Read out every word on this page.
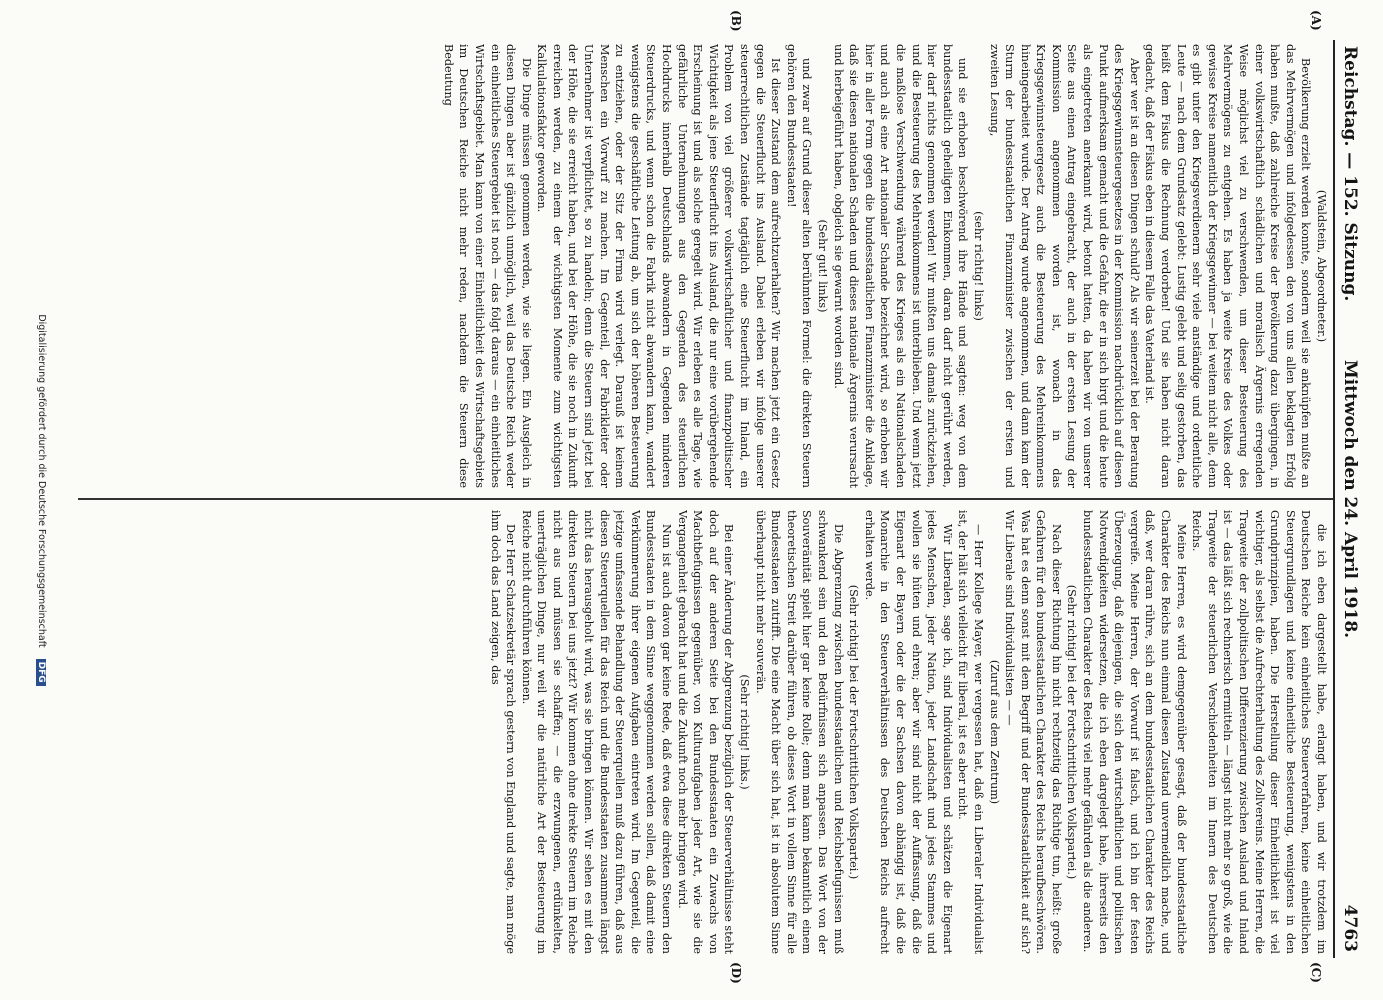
Reichstag. — 152. Sitzung.
Mittwoch den 24. April 1918.
4763

(Waldstein, Abgeordneter.)

Bevölkerung erzielt werden konnte, sondern weil sie anknüpfen mußte an das Mehrvermögen und infolgedessen den von uns allen beklagten Erfolg haben mußte, daß zahlreiche Kreise der Bevölkerung dazu übergingen, in einer volkswirtschaftlich schädlichen und moralisch Ärgernis erregenden Weise möglichst viel zu verschwenden, um dieser Besteuerung des Mehrvermögens zu entgehen. Es haben ja weite Kreise des Volkes oder gewisse Kreise namentlich der Kriegsgewinner — bei weitem nicht alle, denn es gibt unter den Kriegsverdienern sehr viele anständige und ordentliche Leute — nach dem Grundsatz gelebt: Lustig gelebt und selig gestorben, das heißt dem Fiskus die Rechnung verdorben! Und sie haben nicht daran gedacht, daß der Fiskus eben in diesem Falle das Vaterland ist.

Aber wer ist an diesen Dingen schuld? Als wir seinerzeit bei der Beratung des Kriegsgewinnsteuergesetzes in der Kommission nachdrücklich auf diesen Punkt aufmerksam gemacht und die Gefahr, die er in sich birgt und die heute als eingetreten anerkannt wird, betont hatten, da haben wir von unserer Seite aus einen Antrag eingebracht, der auch in der ersten Lesung der Kommission angenommen worden ist, wonach in das Kriegsgewinnsteuergesetz auch die Besteuerung des Mehreinkommens hineingearbeitet wurde. Der Antrag wurde angenommen, und dann kam der Sturm der bundesstaatlichen Finanzminister zwischen der ersten und zweiten Lesung,

(sehr richtig! links)

und sie erhoben beschwörend ihre Hände und sagten: weg von dem bundesstaatlich geheiligten Einkommen, daran darf nicht gerührt werden, hier darf nichts genommen werden! Wir mußten uns damals zurückziehen, und die Besteuerung des Mehreinkommens ist unterblieben. Und wenn jetzt die maßlose Verschwendung während des Krieges als ein Nationalschaden und auch als eine Art nationaler Schande bezeichnet wird, so erhoben wir hier in aller Form gegen die bundesstaatlichen Finanzminister die Anklage, daß sie diesen nationalen Schaden und dieses nationale Ärgernis verursacht und herbeigeführt haben, obgleich sie gewarnt worden sind.

(Sehr gut! links)

und zwar auf Grund dieser alten berühmten Formel: die direkten Steuern gehören den Bundesstaaten!

Ist dieser Zustand dem aufrechtzuerhalten? Wir machen jetzt ein Gesetz gegen die Steuerflucht ins Ausland. Dabei erleben wir infolge unserer steuerrechtlichen Zustände tagtäglich eine Steuerflucht im Inland, ein Problem von viel größerer volkswirtschaftlicher und finanzpolitischer Wichtigkeit als jene Steuerflucht ins Ausland, die nur eine vorübergehende Erscheinung ist und als solche geregelt wird. Wir erleben es alle Tage, wie gefährliche Unternehmungen aus den Gegenden des steuerlichen Hochdrucks innerhalb Deutschlands abwandern in Gegenden minderen Steuerdrucks, und wenn schon die Fabrik nicht abwandern kann, wandert wenigstens die geschäftliche Leitung ab, um sich der höheren Besteuerung zu entziehen, oder der Sitz der Firma wird verlegt. Darauß ist keinem Menschen ein Vorwurf zu machen. Im Gegenteil, der Fabrikleiter oder Unternehmer ist verpflichtet, so zu handeln; denn die Steuern sind jetzt bei der Höhe, die sie erreicht haben, und bei der Höhe, die sie noch in Zukunft erreichen werden, zu einem der wichtigsten Momente zum wichtigsten Kalkulationsfaktor geworden.

Die Dinge müssen genommen werden, wie sie liegen. Ein Ausgleich in diesen Dingen aber ist gänzlich unmöglich, weil das Deutsche Reich weder ein einheitliches Steuergebiet ist noch — das folgt daraus — ein einheitliches Wirtschaftsgebiet. Man kann von einer Einheitlichkeit des Wirtschaftsgebiets im Deutschen Reiche nicht mehr reden, nachdem die Steuern diese Bedeutung

die ich eben dargestellt habe, erlangt haben, und wir trotzdem im Deutschen Reiche kein einheitliches Steuerverfahren, keine einheitlichen Steuergrundlagen und keine einheitliche Besteuerung, wenigstens in den Grundprinzipien, haben. Die Herstellung dieser Einheitlichkeit ist viel wichtiger, als selbst die Aufrechterhaltung des Zollvereins. Meine Herren, die Tragweite der zollpolitischen Differenzierung zwischen Ausland und Inland ist — das läßt sich rechnerisch ermitteln — längst nicht mehr so groß, wie die Tragweite der steuerlichen Verschiedenheiten im Innern des Deutschen Reichs.

Meine Herren, es wird demgegenüber gesagt, daß der bundesstaatliche Charakter des Reichs nun einmal diesen Zustand unvermeidlich mache, und daß, wer daran rühre, sich an dem bundesstaatlichen Charakter des Reichs vergreife. Meine Herren, der Vorwurf ist falsch, und ich bin der festen Überzeugung, daß diejenigen, die sich den wirtschaftlichen und politischen Notwendigkeiten widersetzen, die ich eben dargelegt habe, ihrerseits den bundesstaatlichen Charakter des Reichs viel mehr gefährden als die anderen.

(Sehr richtig! bei der Fortschrittlichen Volkspartei.)

Nach dieser Richtung hin nicht rechtzeitig das Richtige tun, heißt: große Gefahren für den bundesstaatlichen Charakter des Reichs heraufbeschwören. Was hat es denn sonst mit dem Begriff und der Bundesstaatlichkeit auf sich? Wir Liberale sind Individualisten — —

(Zuruf aus dem Zentrum)

— Herr Kollege Mayer, wer vergessen hat, daß ein Liberaler Individualist ist, der hält sich vielleicht für liberal, ist es aber nicht.

Wir Liberalen, sage ich, sind Individualisten und schätzen die Eigenart jedes Menschen, jeder Nation, jeder Landschaft und jedes Stammes und wollen sie hüten und ehren; aber wir sind nicht der Auffassung, daß die Eigenart der Bayern oder die der Sachsen davon abhängig ist, daß die Monarchie in den Steuerverhältnissen des Deutschen Reichs aufrecht erhalten werde.

(Sehr richtig! bei der Fortschrittlichen Volkspartei.)

Die Abgrenzung zwischen bundesstaatlichen und Reichsbefugnissen muß schwankend sein und den Bedürfnissen sich anpassen. Das Wort von der Souveränität spielt hier gar keine Rolle; denn man kann bekanntlich einem theoretischen Streit darüber führen, ob dieses Wort in vollem Sinne für alle Bundesstaaten zutrifft. Die eine Macht über sich hat, ist in absolutem Sinne überhaupt nicht mehr souverän.

(Sehr richtig! links.)

Bei einer Änderung der Abgrenzung bezüglich der Steuerverhältnisse steht doch auf der anderen Seite bei den Bundesstaaten ein Zuwachs von Machtbefugnissen gegenüber, von Kulturaufgaben jeder Art, wie sie die Vergangenheit gebracht hat und die Zukunft noch mehr bringen wird.

Nun ist auch davon gar keine Rede, daß etwa diese direkten Steuern den Bundesstaaten in dem Sinne weggenommen werden sollen, daß damit eine Verkümmerung ihrer eigenen Aufgaben eintreten wird. Im Gegenteil, die jetzige umfassende Behandlung der Steuerquellen muß dazu führen, daß aus diesen Steuerquellen für das Reich und die Bundesstaaten zusammen längst nicht das herausgeholt wird, was sie bringen können. Wir sehen es mit den direkten Steuern bei uns jetzt? Wir kommen ohne direkte Steuern im Reiche nicht aus und müssen sie schaffen; — die erzwungenen, erdünkelten, unerträglichen Dinge, nur weil wir die natürliche Art der Besteuerung im Reiche nicht durchführen können.

Der Herr Schatzsekretär sprach gestern von England und sagte, man möge ihm doch das Land zeigen, das

(A)
(B)
(C)
(D)
Digitalisierung gefördert durch die Deutsche Forschungsgemeinschaft DFG
